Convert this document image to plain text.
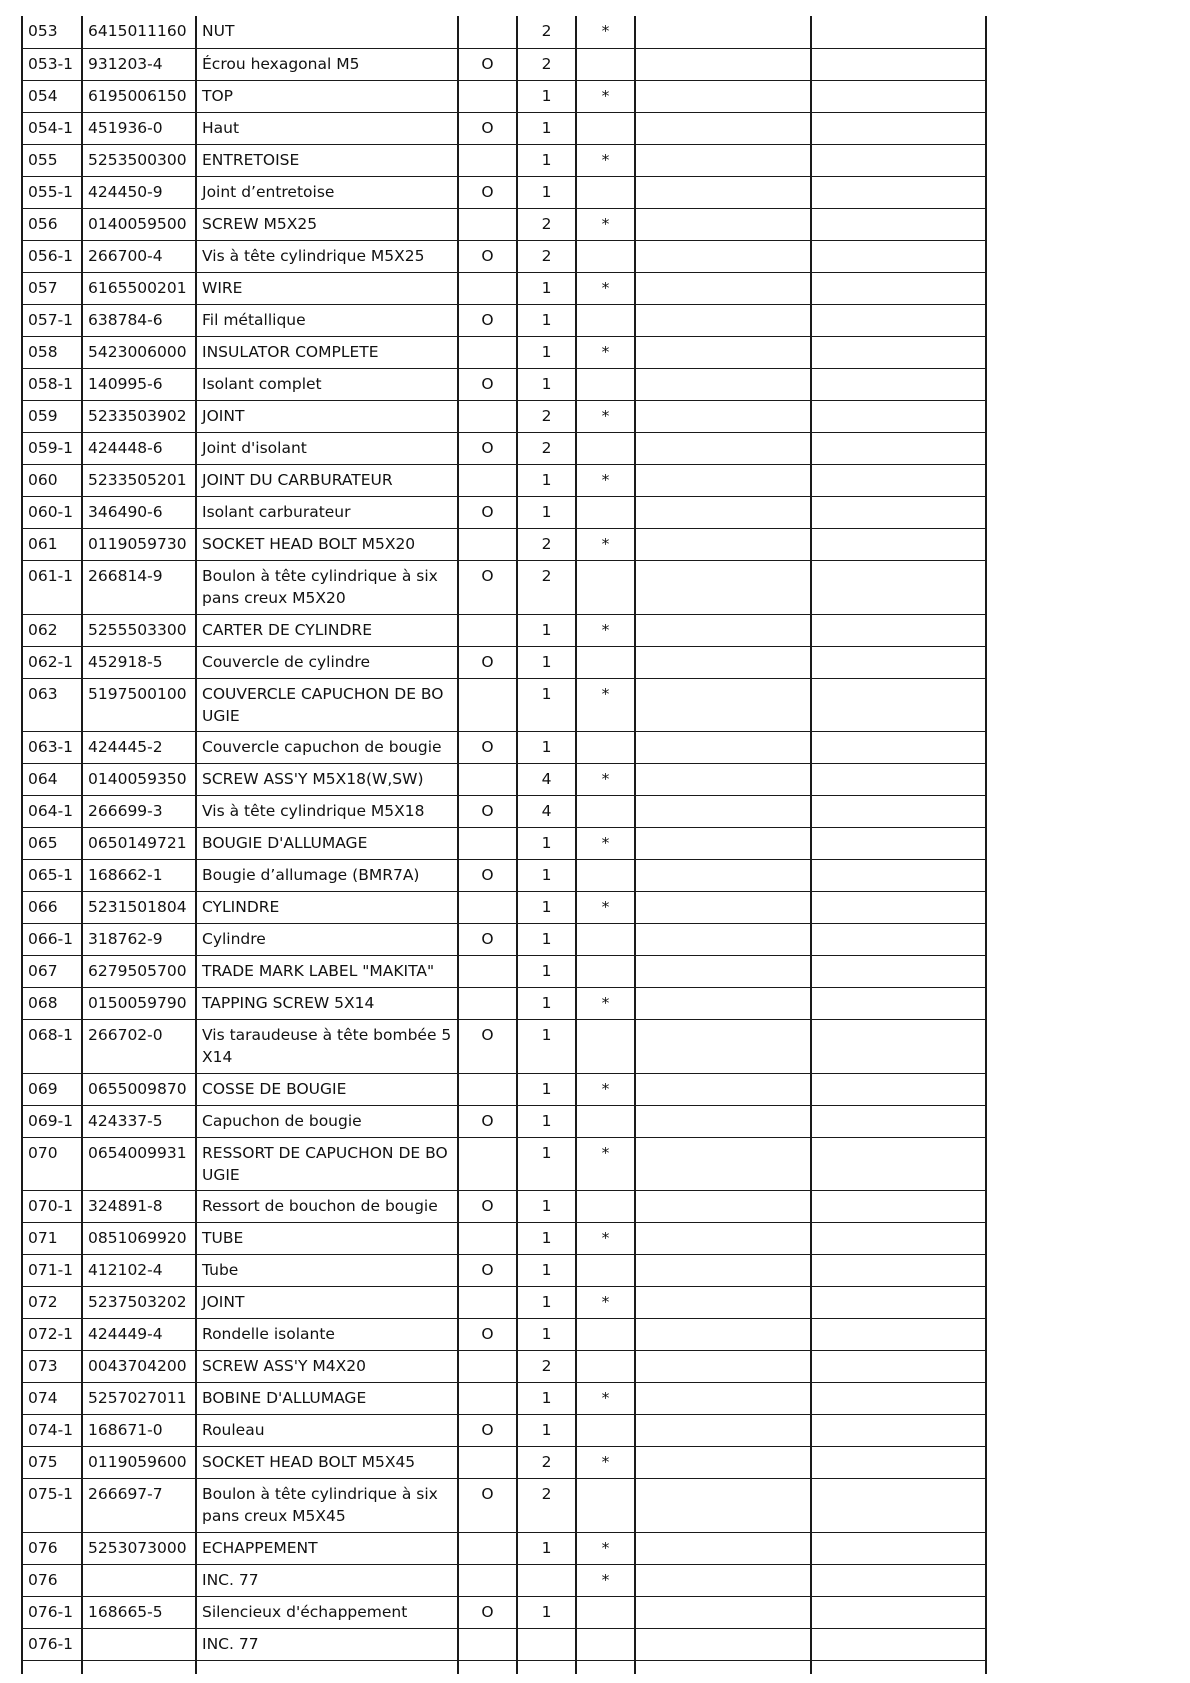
053	6415011160	NUT		2	*		
053-1	931203-4	Écrou hexagonal M5	O	2			
054	6195006150	TOP		1	*		
054-1	451936-0	Haut	O	1			
055	5253500300	ENTRETOISE		1	*		
055-1	424450-9	Joint d’entretoise	O	1			
056	0140059500	SCREW M5X25		2	*		
056-1	266700-4	Vis à tête cylindrique M5X25	O	2			
057	6165500201	WIRE		1	*		
057-1	638784-6	Fil métallique	O	1			
058	5423006000	INSULATOR COMPLETE		1	*		
058-1	140995-6	Isolant complet	O	1			
059	5233503902	JOINT		2	*		
059-1	424448-6	Joint d'isolant	O	2			
060	5233505201	JOINT DU CARBURATEUR		1	*		
060-1	346490-6	Isolant carburateur	O	1			
061	0119059730	SOCKET HEAD BOLT M5X20		2	*		
061-1	266814-9	Boulon à tête cylindrique à six pans creux M5X20	O	2			
062	5255503300	CARTER DE CYLINDRE		1	*		
062-1	452918-5	Couvercle de cylindre	O	1			
063	5197500100	COUVERCLE CAPUCHON DE BOUGIE		1	*		
063-1	424445-2	Couvercle capuchon de bougie	O	1			
064	0140059350	SCREW ASS'Y M5X18(W,SW)		4	*		
064-1	266699-3	Vis à tête cylindrique M5X18	O	4			
065	0650149721	BOUGIE D'ALLUMAGE		1	*		
065-1	168662-1	Bougie d’allumage (BMR7A)	O	1			
066	5231501804	CYLINDRE		1	*		
066-1	318762-9	Cylindre	O	1			
067	6279505700	TRADE MARK LABEL "MAKITA"		1			
068	0150059790	TAPPING SCREW 5X14		1	*		
068-1	266702-0	Vis taraudeuse à tête bombée 5X14	O	1			
069	0655009870	COSSE DE BOUGIE		1	*		
069-1	424337-5	Capuchon de bougie	O	1			
070	0654009931	RESSORT DE CAPUCHON DE BOUGIE		1	*		
070-1	324891-8	Ressort de bouchon de bougie	O	1			
071	0851069920	TUBE		1	*		
071-1	412102-4	Tube	O	1			
072	5237503202	JOINT		1	*		
072-1	424449-4	Rondelle isolante	O	1			
073	0043704200	SCREW ASS'Y M4X20		2			
074	5257027011	BOBINE D'ALLUMAGE		1	*		
074-1	168671-0	Rouleau	O	1			
075	0119059600	SOCKET HEAD BOLT M5X45		2	*		
075-1	266697-7	Boulon à tête cylindrique à six pans creux M5X45	O	2			
076	5253073000	ECHAPPEMENT		1	*		
076		INC. 77			*		
076-1	168665-5	Silencieux d'échappement	O	1			
076-1		INC. 77					
